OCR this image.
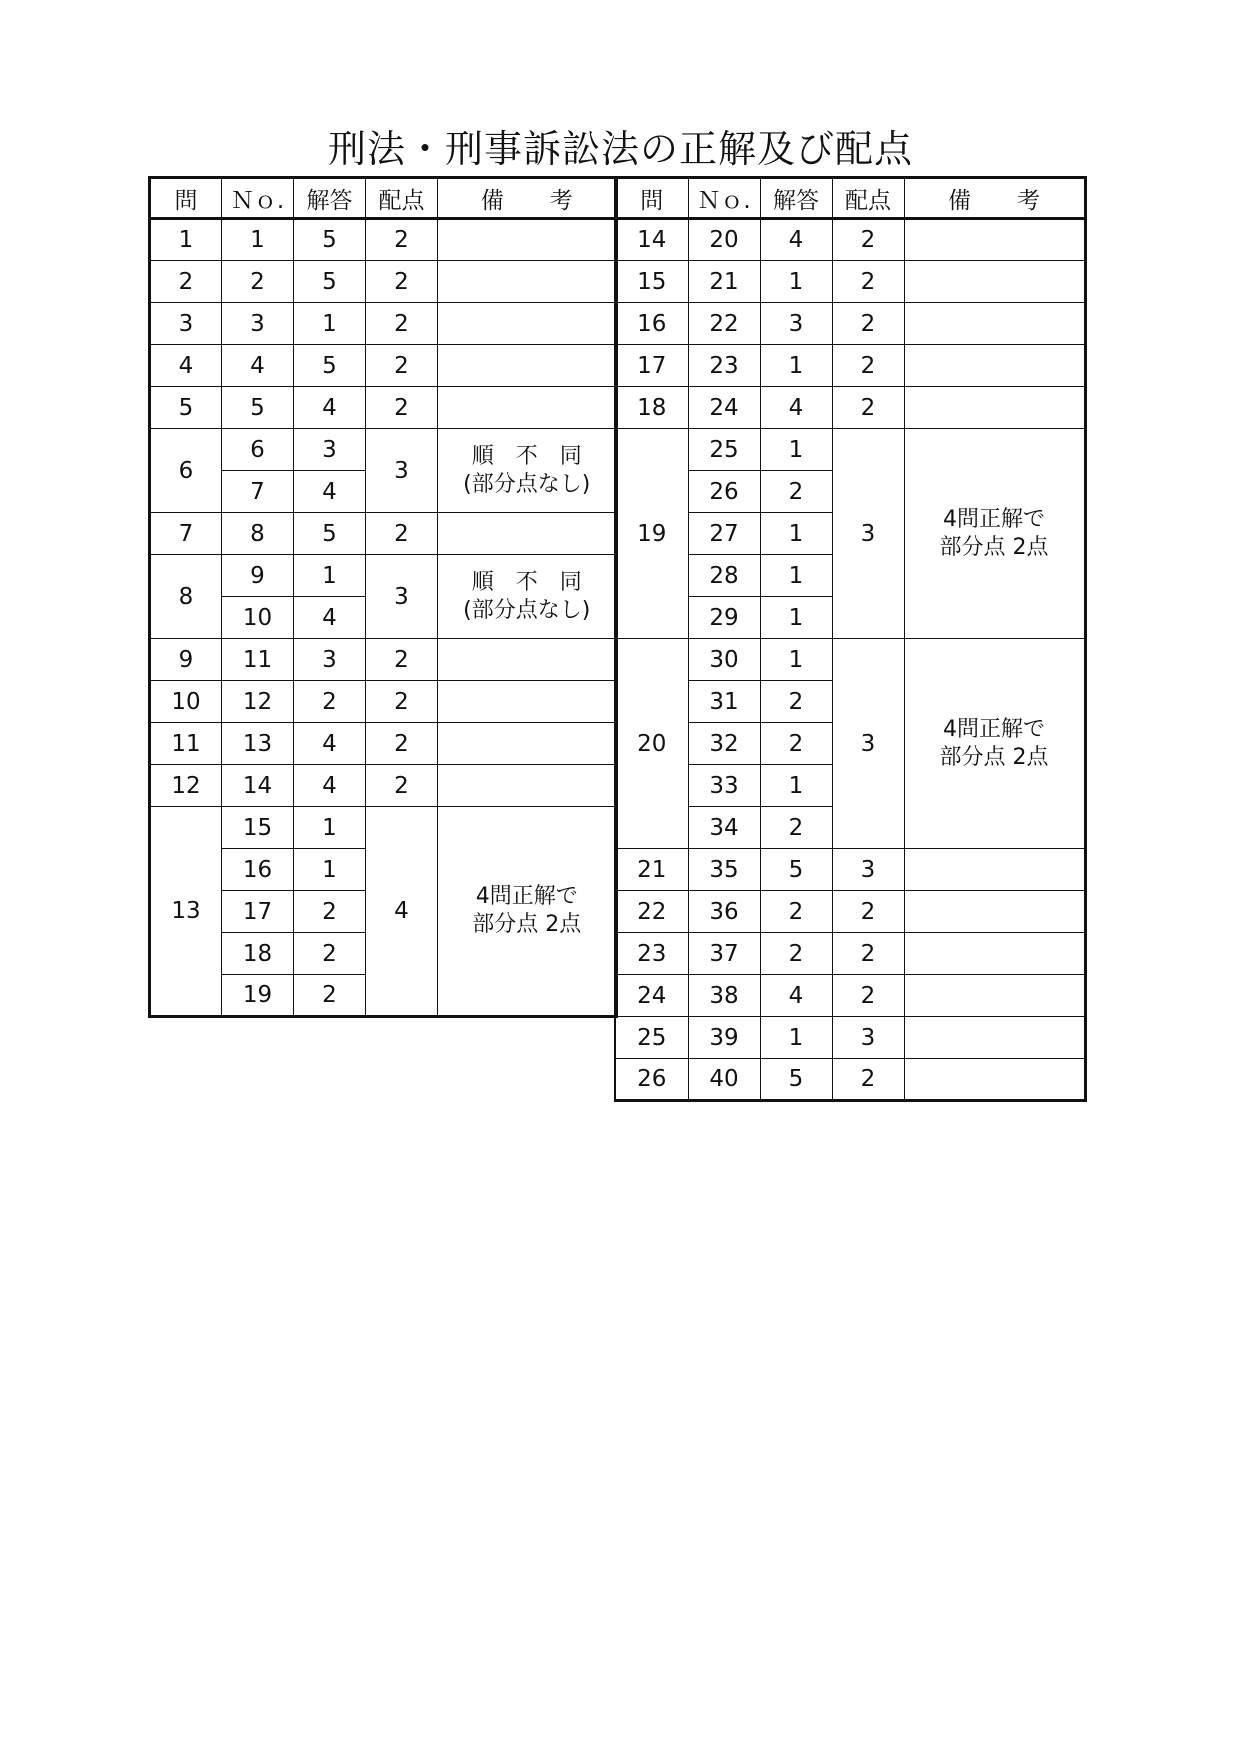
刑法・刑事訴訟法の正解及び配点
問	Ｎｏ.	解答	配点	備　　考
1	1	5	2	
2	2	5	2	
3	3	1	2	
4	4	5	2	
5	5	4	2	
6	6	3	3	順　不　同
(部分点なし)

	7	4		
7	8	5	2	
8	9	1	3	順　不　同
(部分点なし)

	10	4		
9	11	3	2	
10	12	2	2	
11	13	4	2	
12	14	4	2	
13	15	1	4	4問正解で
部分点 2点

	16	1		
	17	2		
	18	2		
	19	2		
問	Ｎｏ.	解答	配点	備　　考
14	20	4	2	
15	21	1	2	
16	22	3	2	
17	23	1	2	
18	24	4	2	
19	25	1	3	4問正解で
部分点 2点

	26	2		
	27	1		
	28	1		
	29	1		
20	30	1	3	4問正解で
部分点 2点

	31	2		
	32	2		
	33	1		
	34	2		
21	35	5	3	
22	36	2	2	
23	37	2	2	
24	38	4	2	
25	39	1	3	
26	40	5	2	
